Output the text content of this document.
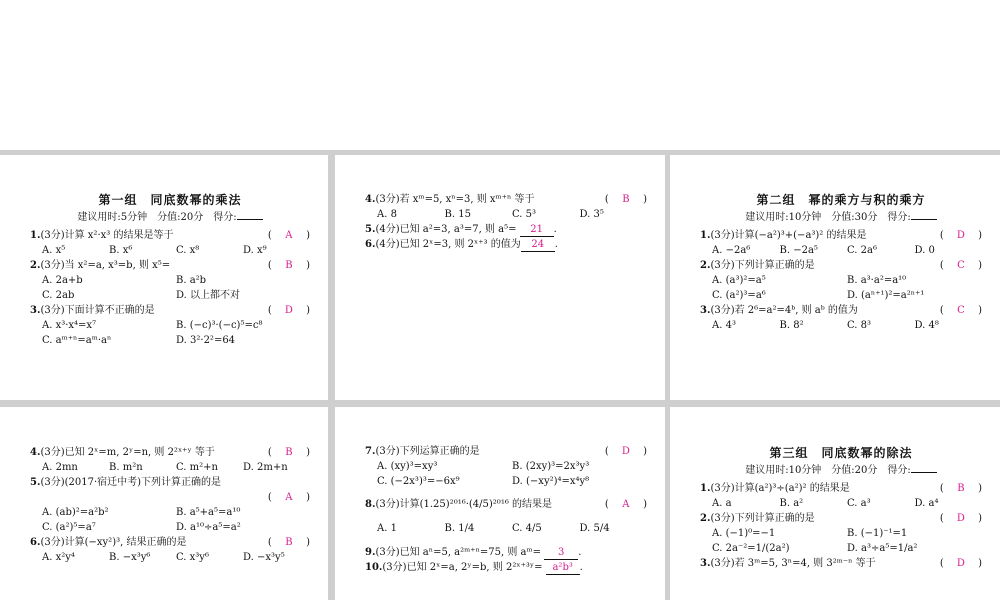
第一组　同底数幂的乘法
建议用时:5分钟　分值:20分　得分:
1.(3分)计算 x²·x³ 的结果是等于	( A )
A. x⁵	B. x⁶	C. x⁸	D. x⁹
2.(3分)当 x²=a, x³=b, 则 x⁵=	( B )
A. 2a+b	B. a²b
C. 2ab	D. 以上都不对
3.(3分)下面计算不正确的是	( D )
A. x³·x⁴=x⁷	B. (−c)³·(−c)⁵=c⁸
C. aᵐ⁺ⁿ=aᵐ·aⁿ	D. 3²·2²=64
4.(3分)若 xᵐ=5, xⁿ=3, 则 xᵐ⁺ⁿ 等于	( B )
A. 8	B. 15	C. 5³	D. 3⁵
5.(4分)已知 a²=3, a³=7, 则 a⁵= 21 .
6.(4分)已知 2ˣ=3, 则 2ˣ⁺³ 的值为 24 .
第二组　幂的乘方与积的乘方
建议用时:10分钟　分值:30分　得分:
1.(3分)计算(−a²)³+(−a³)² 的结果是	( D )
A. −2a⁶	B. −2a⁵	C. 2a⁶	D. 0
2.(3分)下列计算正确的是	( C )
A. (a³)²=a⁵	B. a³·a²=a¹⁰
C. (a²)³=a⁶	D. (aⁿ⁺¹)²=a²ⁿ⁺¹
3.(3分)若 2⁶=a²=4ᵇ, 则 aᵇ 的值为	( C )
A. 4³	B. 8²	C. 8³	D. 4⁸
4.(3分)已知 2ˣ=m, 2ʸ=n, 则 2²ˣ⁺ʸ 等于	( B )
A. 2mn	B. m²n	C. m²+n	D. 2m+n
5.(3分)(2017·宿迁中考)下列计算正确的是
( A )
A. (ab)²=a²b²	B. a⁵+a⁵=a¹⁰
C. (a²)⁵=a⁷	D. a¹⁰÷a⁵=a²
6.(3分)计算(−xy²)³, 结果正确的是	( B )
A. x²y⁴	B. −x³y⁶	C. x³y⁶	D. −x³y⁵
7.(3分)下列运算正确的是	( D )
A. (xy)³=xy³	B. (2xy)³=2x³y³
C. (−2x³)³=−6x⁹	D. (−xy²)⁴=x⁴y⁸
8.(3分)计算(1.25)²⁰¹⁶·(4/5)²⁰¹⁶ 的结果是	( A )
A. 1	B. 1/4	C. 4/5	D. 5/4
9.(3分)已知 aⁿ=5, a²ᵐ⁺ⁿ=75, 则 aᵐ= 3 .
10.(3分)已知 2ˣ=a, 2ʸ=b, 则 2²ˣ⁺³ʸ= a²b³ .
第三组　同底数幂的除法
建议用时:10分钟　分值:20分　得分:
1.(3分)计算(a²)³÷(a²)² 的结果是	( B )
A. a	B. a²	C. a³	D. a⁴
2.(3分)下列计算正确的是	( D )
A. (−1)⁰=−1	B. (−1)⁻¹=1
C. 2a⁻²=1/(2a²)	D. a³÷a⁵=1/a²
3.(3分)若 3ᵐ=5, 3ⁿ=4, 则 3²ᵐ⁻ⁿ 等于	( D )
